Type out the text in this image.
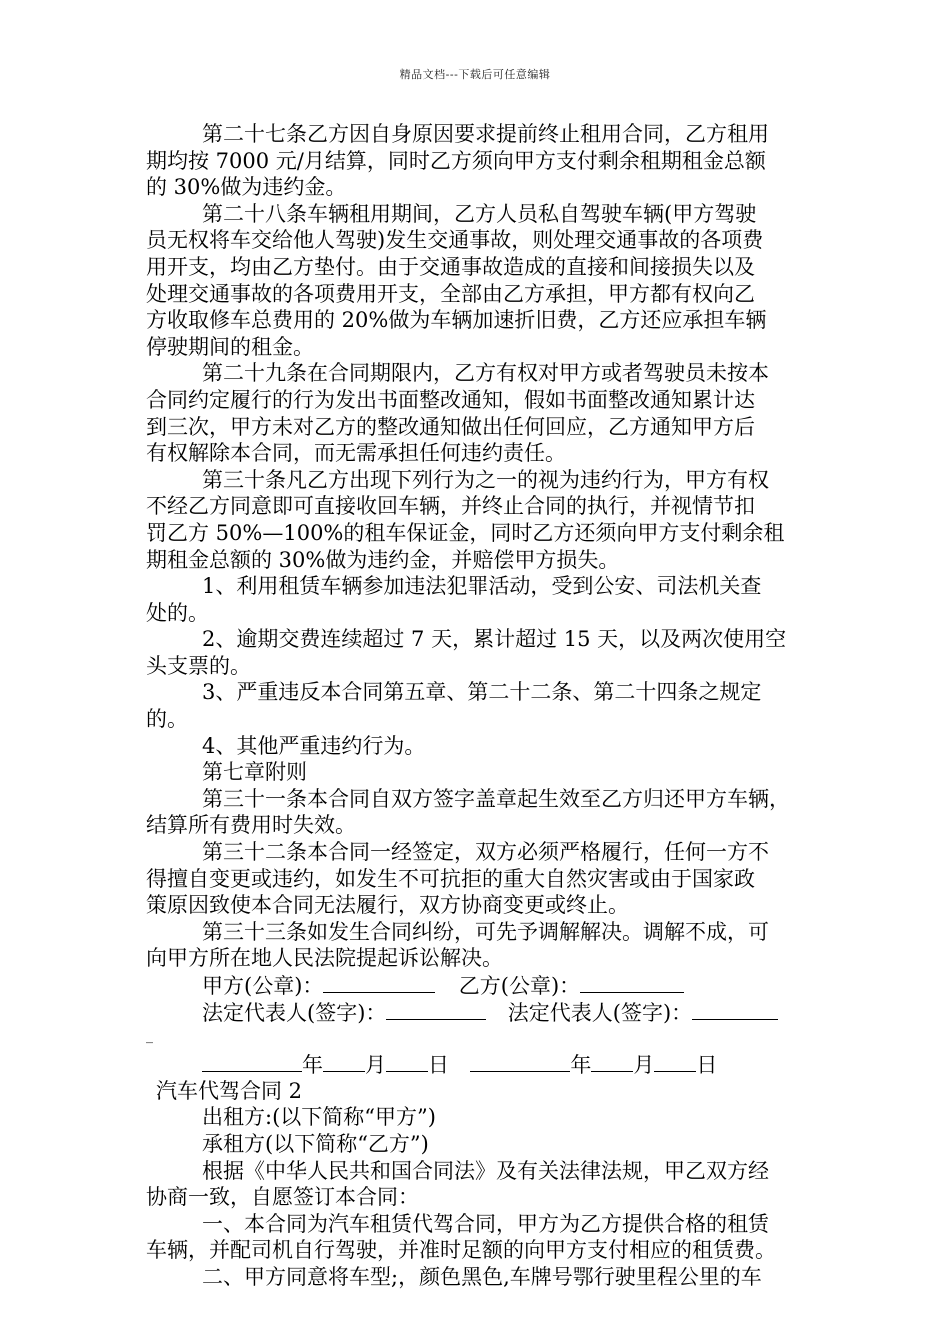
精品文档---下载后可任意编辑
第二十七条乙方因自身原因要求提前终止租用合同，乙方租用
期均按 7000 元/月结算，同时乙方须向甲方支付剩余租期租金总额
的 30%做为违约金。
第二十八条车辆租用期间，乙方人员私自驾驶车辆(甲方驾驶
员无权将车交给他人驾驶)发生交通事故，则处理交通事故的各项费
用开支，均由乙方垫付。由于交通事故造成的直接和间接损失以及
处理交通事故的各项费用开支，全部由乙方承担，甲方都有权向乙
方收取修车总费用的 20%做为车辆加速折旧费，乙方还应承担车辆
停驶期间的租金。
第二十九条在合同期限内，乙方有权对甲方或者驾驶员未按本
合同约定履行的行为发出书面整改通知，假如书面整改通知累计达
到三次，甲方未对乙方的整改通知做出任何回应，乙方通知甲方后
有权解除本合同，而无需承担任何违约责任。
第三十条凡乙方出现下列行为之一的视为违约行为，甲方有权
不经乙方同意即可直接收回车辆，并终止合同的执行，并视情节扣
罚乙方 50%—100%的租车保证金，同时乙方还须向甲方支付剩余租
期租金总额的 30%做为违约金，并赔偿甲方损失。
1、利用租赁车辆参加违法犯罪活动，受到公安、司法机关查
处的。
2、逾期交费连续超过 7 天，累计超过 15 天，以及两次使用空
头支票的。
3、严重违反本合同第五章、第二十二条、第二十四条之规定
的。
4、其他严重违约行为。
第七章附则
第三十一条本合同自双方签字盖章起生效至乙方归还甲方车辆，
结算所有费用时失效。
第三十二条本合同一经签定，双方必须严格履行，任何一方不
得擅自变更或违约，如发生不可抗拒的重大自然灾害或由于国家政
策原因致使本合同无法履行，双方协商变更或终止。
第三十三条如发生合同纠纷，可先予调解解决。调解不成，可
向甲方所在地人民法院提起诉讼解决。
甲方(公章)：	乙方(公章)：
法定代表人(签字)：	法定代表人(签字)：
_
年 月 日	年 月 日
汽车代驾合同 2
出租方:(以下简称“甲方”)
承租方(以下简称“乙方”)
根据《中华人民共和国合同法》及有关法律法规，甲乙双方经
协商一致，自愿签订本合同：
一、本合同为汽车租赁代驾合同，甲方为乙方提供合格的租赁
车辆，并配司机自行驾驶，并准时足额的向甲方支付相应的租赁费。
二、甲方同意将车型;，颜色黑色,车牌号鄂行驶里程公里的车
